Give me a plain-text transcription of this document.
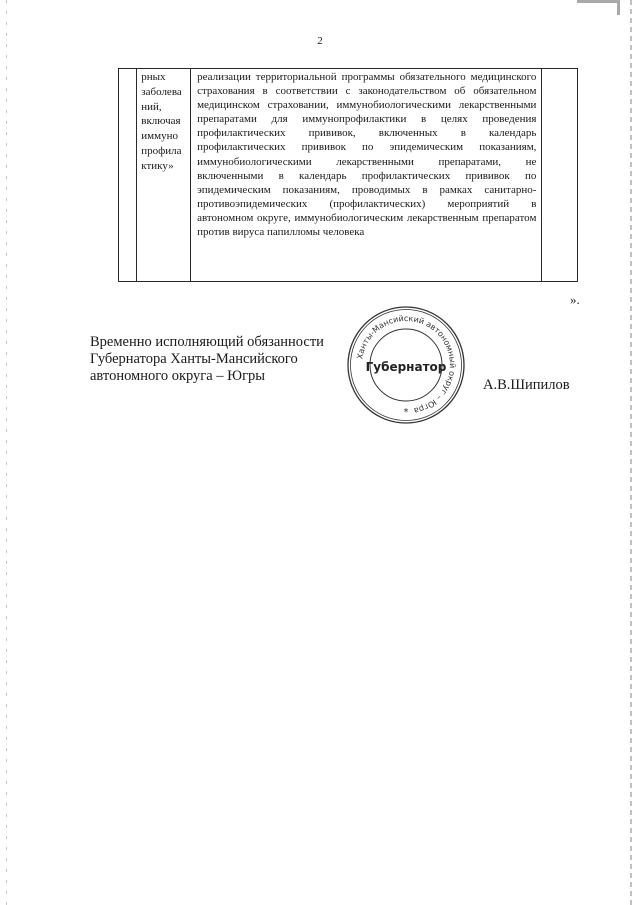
2

рных
заболева
ний,
включая
иммуно
профила
ктику»

реализации территориальной программы обязательного медицинского страхования в соответствии с законодательством об обязательном медицинском страховании, иммунобиологическими лекарственными препаратами для иммунопрофилактики в целях проведения профилактических прививок, включенных в календарь профилактических прививок по эпидемическим показаниям, иммунобиологическими лекарственными препаратами, не включенными в календарь профилактических прививок по эпидемическим показаниям, проводимых в рамках санитарно-противоэпидемических (профилактических) мероприятий в автономном округе, иммунобиологическим лекарственным препаратом против вируса папилломы человека

».
Временно исполняющий обязанности
Губернатора Ханты-Мансийского
автономного округа – Югры
Ханты-Мансийский автономный округ – Югра
Губернатор
*
А.В.Шипилов
